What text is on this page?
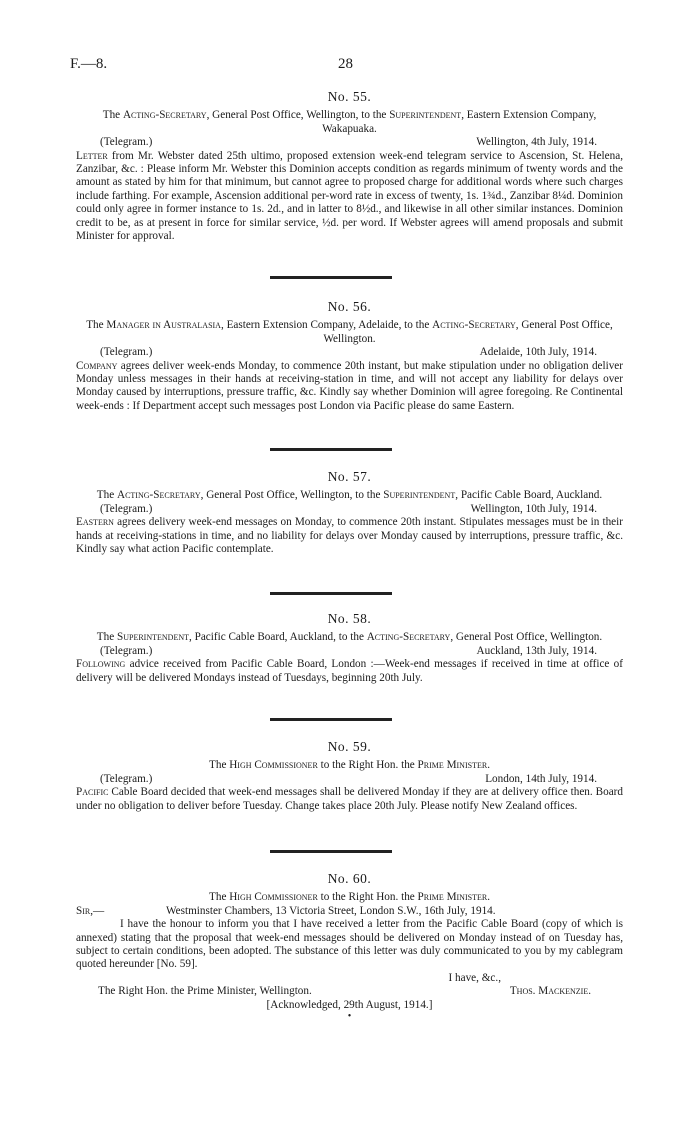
F.—8.	28
No. 55.
The Acting-Secretary, General Post Office, Wellington, to the Superintendent, Eastern Extension Company, Wakapuaka.
(Telegram.)	Wellington, 4th July, 1914.
Letter from Mr. Webster dated 25th ultimo, proposed extension week-end telegram service to Ascension, St. Helena, Zanzibar, &c. : Please inform Mr. Webster this Dominion accepts condition as regards minimum of twenty words and the amount as stated by him for that minimum, but cannot agree to proposed charge for additional words where such charges include farthing. For example, Ascension additional per-word rate in excess of twenty, 1s. 1¾d., Zanzibar 8¼d. Dominion could only agree in former instance to 1s. 2d., and in latter to 8½d., and likewise in all other similar instances. Dominion credit to be, as at present in force for similar service, ½d. per word. If Webster agrees will amend proposals and submit Minister for approval.
No. 56.
The Manager in Australasia, Eastern Extension Company, Adelaide, to the Acting-Secretary, General Post Office, Wellington.
(Telegram.)	Adelaide, 10th July, 1914.
Company agrees deliver week-ends Monday, to commence 20th instant, but make stipulation under no obligation deliver Monday unless messages in their hands at receiving-station in time, and will not accept any liability for delays over Monday caused by interruptions, pressure traffic, &c. Kindly say whether Dominion will agree foregoing. Re Continental week-ends : If Department accept such messages post London via Pacific please do same Eastern.
No. 57.
The Acting-Secretary, General Post Office, Wellington, to the Superintendent, Pacific Cable Board, Auckland.
(Telegram.)	Wellington, 10th July, 1914.
Eastern agrees delivery week-end messages on Monday, to commence 20th instant. Stipulates messages must be in their hands at receiving-stations in time, and no liability for delays over Monday caused by interruptions, pressure traffic, &c. Kindly say what action Pacific contemplate.
No. 58.
The Superintendent, Pacific Cable Board, Auckland, to the Acting-Secretary, General Post Office, Wellington.
(Telegram.)	Auckland, 13th July, 1914.
Following advice received from Pacific Cable Board, London :—Week-end messages if received in time at office of delivery will be delivered Mondays instead of Tuesdays, beginning 20th July.
No. 59.
The High Commissioner to the Right Hon. the Prime Minister.
(Telegram.)	London, 14th July, 1914.
Pacific Cable Board decided that week-end messages shall be delivered Monday if they are at delivery office then. Board under no obligation to deliver before Tuesday. Change takes place 20th July. Please notify New Zealand offices.
No. 60.
The High Commissioner to the Right Hon. the Prime Minister.
Sir,—	Westminster Chambers, 13 Victoria Street, London S.W., 16th July, 1914.
I have the honour to inform you that I have received a letter from the Pacific Cable Board (copy of which is annexed) stating that the proposal that week-end messages should be delivered on Monday instead of on Tuesday has, subject to certain conditions, been adopted. The substance of this letter was duly communicated to you by my cablegram quoted hereunder [No. 59].
I have, &c.,
The Right Hon. the Prime Minister, Wellington.	Thos. Mackenzie.
[Acknowledged, 29th August, 1914.]
•
